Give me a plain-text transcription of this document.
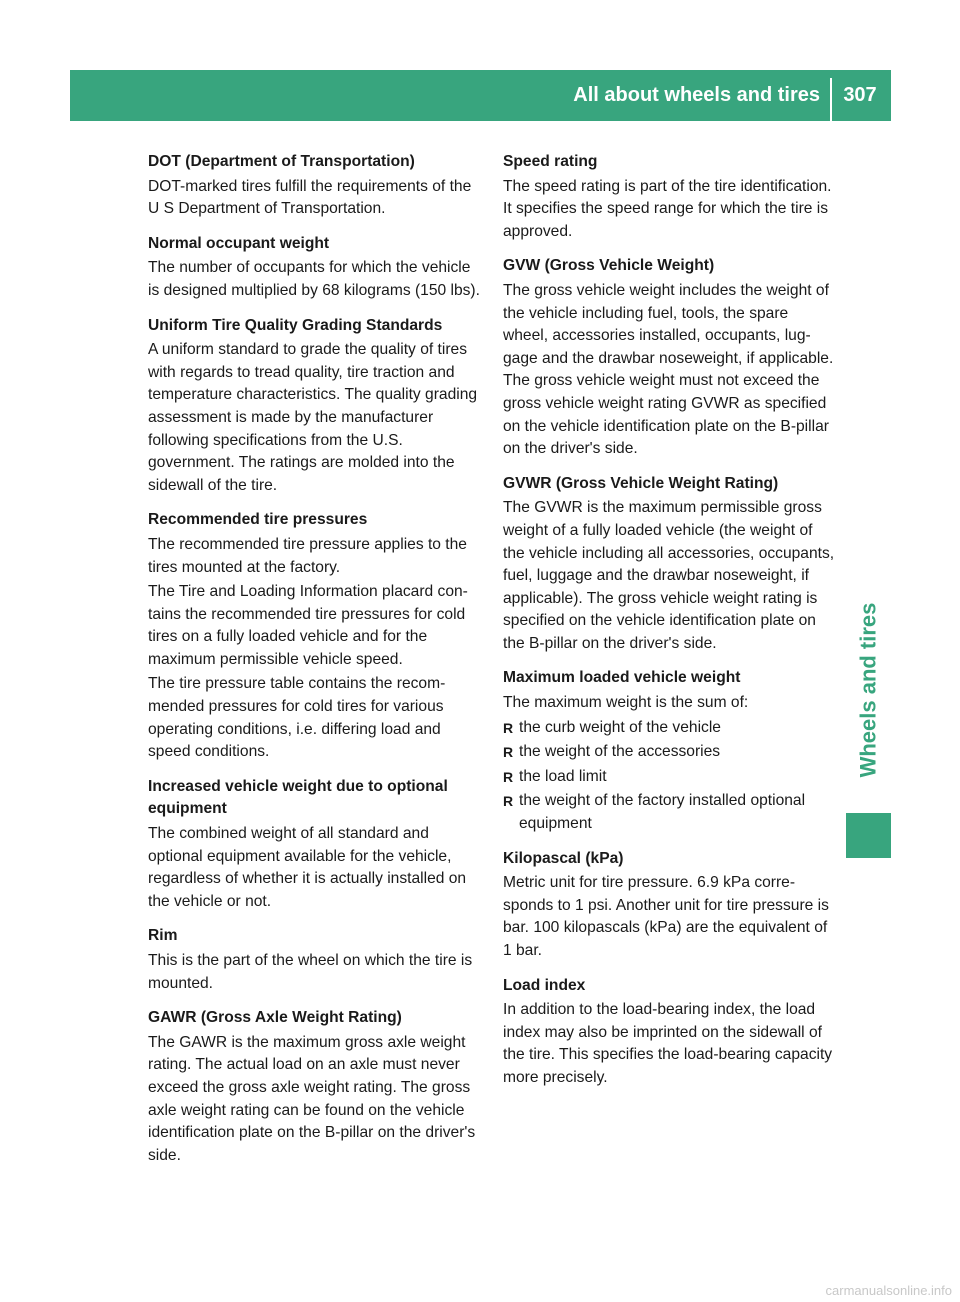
All about wheels and tires	307
Wheels and tires
DOT (Department of Transportation)

DOT-marked tires fulfill the requirements of the U S Department of Transportation.

Normal occupant weight

The number of occupants for which the vehicle is designed multiplied by 68 kilograms (150 lbs).

Uniform Tire Quality Grading Standards

A uniform standard to grade the quality of tires with regards to tread quality, tire traction and temperature characteristics. The quality grading assessment is made by the manufacturer following specifications from the U.S. government. The ratings are molded into the sidewall of the tire.

Recommended tire pressures

The recommended tire pressure applies to the tires mounted at the factory.

The Tire and Loading Information placard contains the recommended tire pressures for cold tires on a fully loaded vehicle and for the maximum permissible vehicle speed.

The tire pressure table contains the recommended pressures for cold tires for various operating conditions, i.e. differing load and speed conditions.

Increased vehicle weight due to optional equipment

The combined weight of all standard and optional equipment available for the vehicle, regardless of whether it is actually installed on the vehicle or not.

Rim

This is the part of the wheel on which the tire is mounted.

GAWR (Gross Axle Weight Rating)

The GAWR is the maximum gross axle weight rating. The actual load on an axle must never exceed the gross axle weight rating. The gross axle weight rating can be found on the vehicle identification plate on the B-pillar on the driver's side.

Speed rating

The speed rating is part of the tire identification. It specifies the speed range for which the tire is approved.

GVW (Gross Vehicle Weight)

The gross vehicle weight includes the weight of the vehicle including fuel, tools, the spare wheel, accessories installed, occupants, luggage and the drawbar noseweight, if applicable. The gross vehicle weight must not exceed the gross vehicle weight rating GVWR as specified on the vehicle identification plate on the B-pillar on the driver's side.

GVWR (Gross Vehicle Weight Rating)

The GVWR is the maximum permissible gross weight of a fully loaded vehicle (the weight of the vehicle including all accessories, occupants, fuel, luggage and the drawbar noseweight, if applicable). The gross vehicle weight rating is specified on the vehicle identification plate on the B-pillar on the driver's side.

Maximum loaded vehicle weight

The maximum weight is the sum of:

R the curb weight of the vehicle
R the weight of the accessories
R the load limit
R the weight of the factory installed optional equipment
Kilopascal (kPa)

Metric unit for tire pressure. 6.9 kPa corresponds to 1 psi. Another unit for tire pressure is bar. 100 kilopascals (kPa) are the equivalent of 1 bar.

Load index

In addition to the load-bearing index, the load index may also be imprinted on the sidewall of the tire. This specifies the load-bearing capacity more precisely.

carmanualsonline.info
